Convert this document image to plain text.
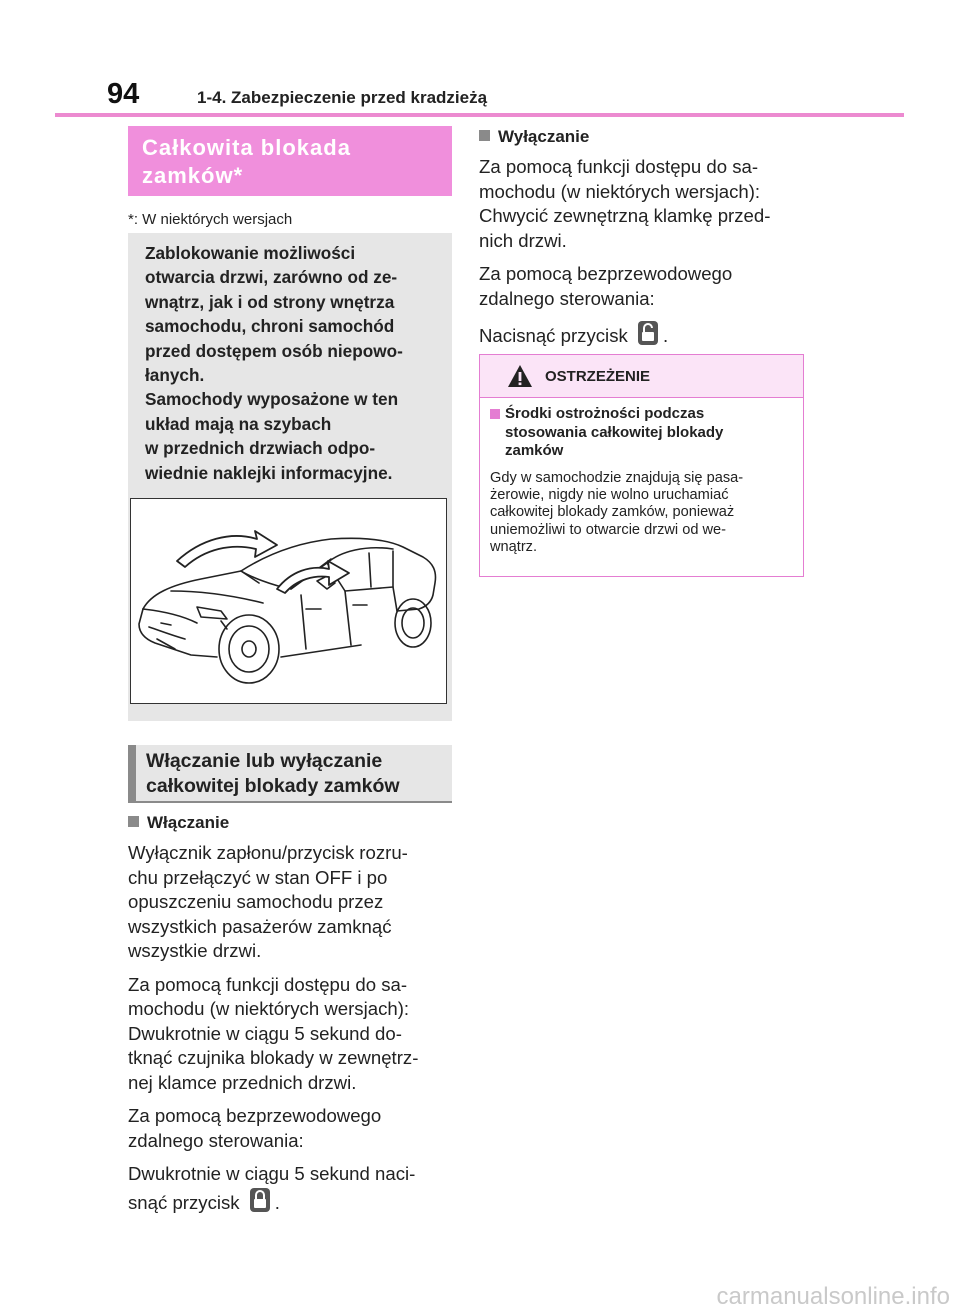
94	1-4. Zabezpieczenie przed kradzieżą
Całkowita blokada
zamków*
*: W niektórych wersjach

Zablokowanie możliwości

otwarcia drzwi, zarówno od ze-

wnątrz, jak i od strony wnętrza

samochodu, chroni samochód

przed dostępem osób niepowo-

łanych.

Samochody wyposażone w ten

układ mają na szybach

w przednich drzwiach odpo-

wiednie naklejki informacyjne.

Włączanie lub wyłączanie
całkowitej blokady zamków
Włączanie

Wyłącznik zapłonu/przycisk rozru-
chu przełączyć w stan OFF i po
opuszczeniu samochodu przez
wszystkich pasażerów zamknąć
wszystkie drzwi.

Za pomocą funkcji dostępu do sa-
mochodu (w niektórych wersjach):
Dwukrotnie w ciągu 5 sekund do-
tknąć czujnika blokady w zewnętrz-
nej klamce przednich drzwi.

Za pomocą bezprzewodowego
zdalnego sterowania:

Dwukrotnie w ciągu 5 sekund naci-
snąć przycisk .

Wyłączanie

Za pomocą funkcji dostępu do sa-
mochodu (w niektórych wersjach):
Chwycić zewnętrzną klamkę przed-
nich drzwi.

Za pomocą bezprzewodowego
zdalnego sterowania:

Nacisnąć przycisk .

OSTRZEŻENIE
Środki ostrożności podczas
stosowania całkowitej blokady
zamków
Gdy w samochodzie znajdują się pasa-
żerowie, nigdy nie wolno uruchamiać
całkowitej blokady zamków, ponieważ
uniemożliwi to otwarcie drzwi od we-
wnątrz.
carmanualsonline.info
